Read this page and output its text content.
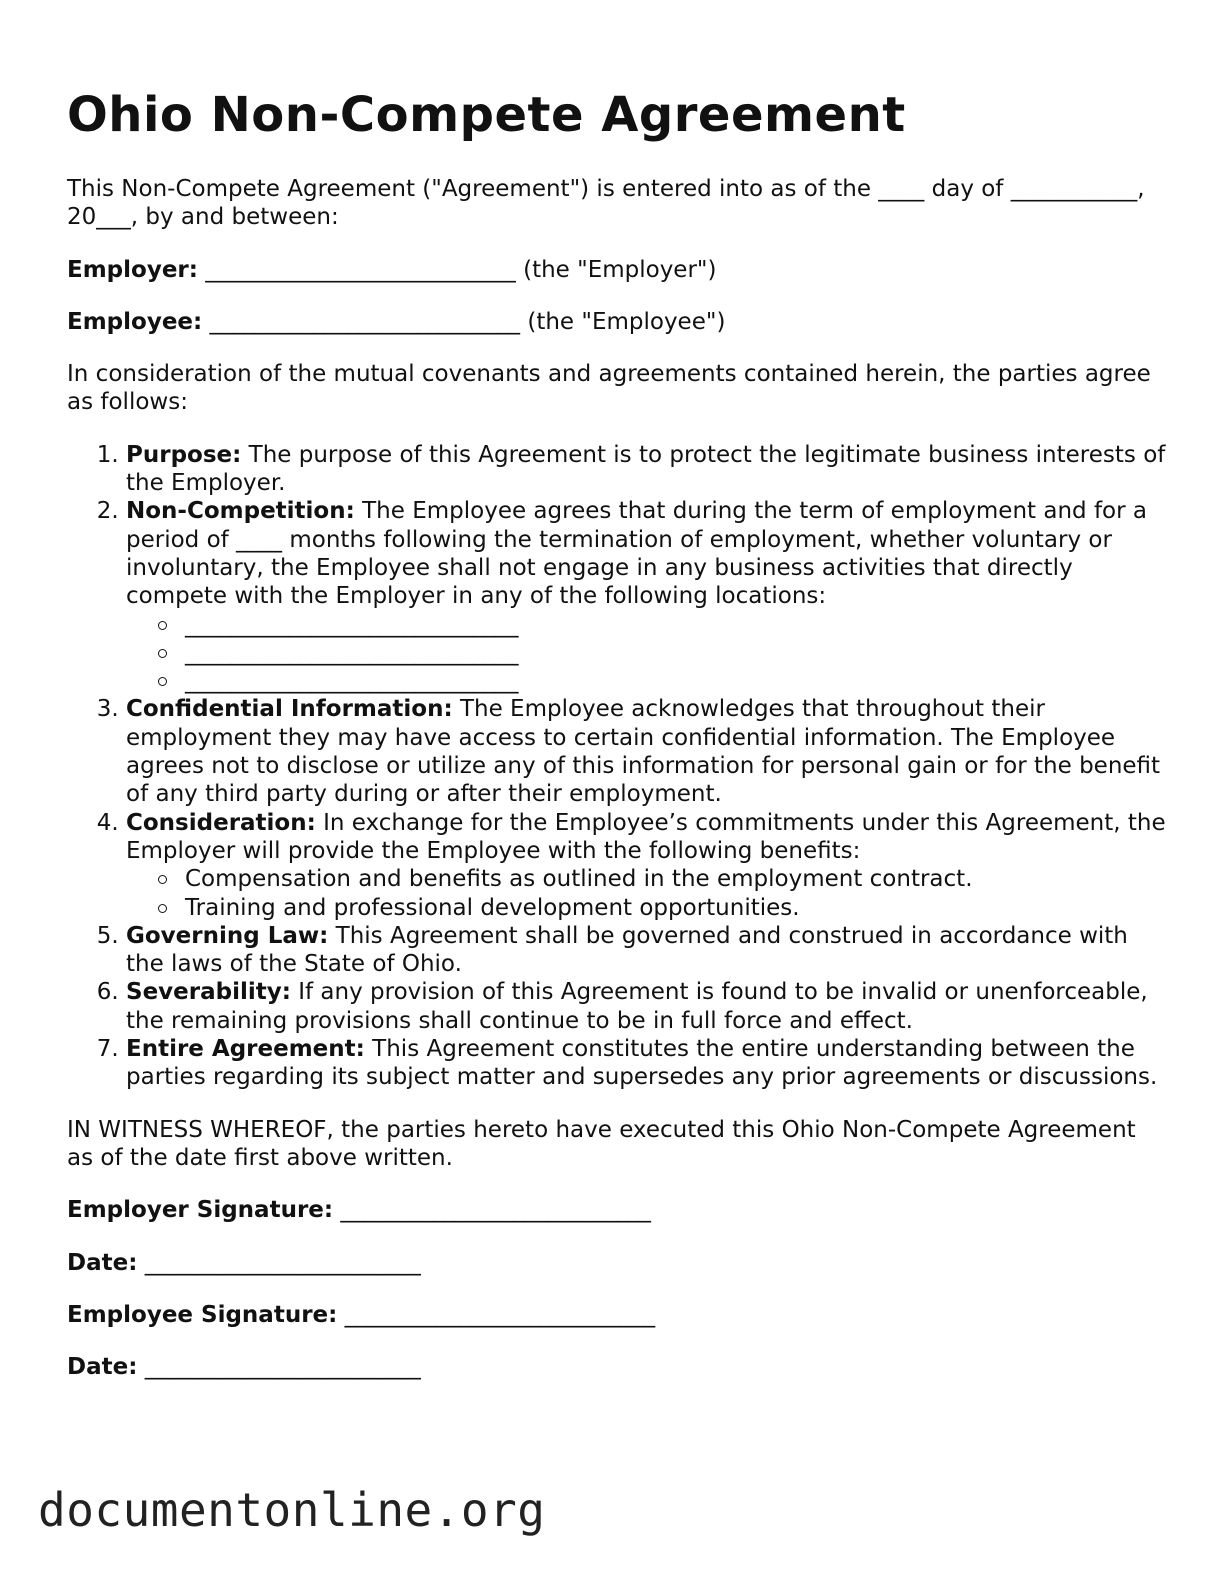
Ohio Non-Compete Agreement

This Non-Compete Agreement ("Agreement") is entered into as of the ____ day of ___________, 20___, by and between:

Employer: ___________________________ (the "Employer")

Employee: ___________________________ (the "Employee")

In consideration of the mutual covenants and agreements contained herein, the parties agree as follows:

1. Purpose: The purpose of this Agreement is to protect the legitimate business interests of the Employer.
2. Non-Competition: The Employee agrees that during the term of employment and for a period of ____ months following the termination of employment, whether voluntary or involuntary, the Employee shall not engage in any business activities that directly compete with the Employer in any of the following locations:
_____________________________
_____________________________
_____________________________
3. Confidential Information: The Employee acknowledges that throughout their employment they may have access to certain confidential information. The Employee agrees not to disclose or utilize any of this information for personal gain or for the benefit of any third party during or after their employment.
4. Consideration: In exchange for the Employee’s commitments under this Agreement, the Employer will provide the Employee with the following benefits:
Compensation and benefits as outlined in the employment contract.
Training and professional development opportunities.
5. Governing Law: This Agreement shall be governed and construed in accordance with the laws of the State of Ohio.
6. Severability: If any provision of this Agreement is found to be invalid or unenforceable, the remaining provisions shall continue to be in full force and effect.
7. Entire Agreement: This Agreement constitutes the entire understanding between the parties regarding its subject matter and supersedes any prior agreements or discussions.

IN WITNESS WHEREOF, the parties hereto have executed this Ohio Non-Compete Agreement as of the date first above written.

Employer Signature: ___________________________
Date: ________________________
Employee Signature: ___________________________
Date: ________________________
documentonline.org
